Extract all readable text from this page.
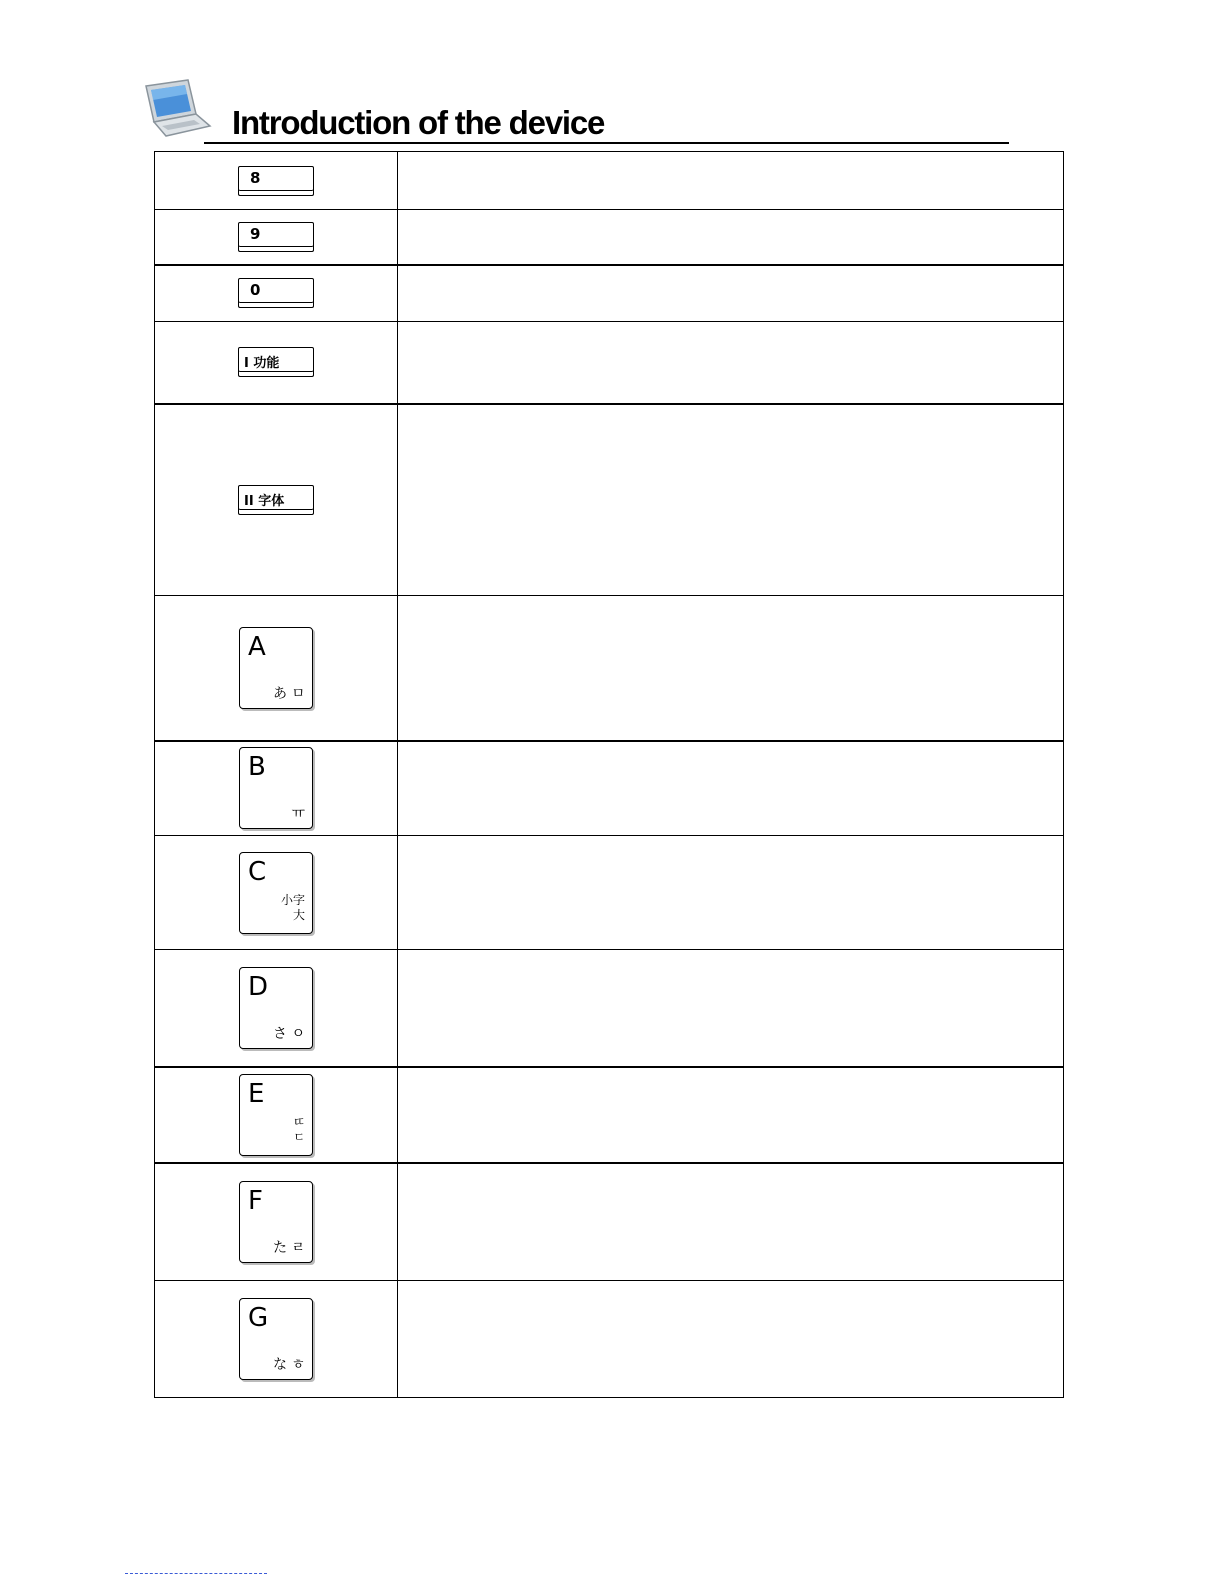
Introduction of the device
8	

9	

0	

I 功能	

II 字体	

A
あ ㅁ	

B
ㅠ	

C
小字
大	

D
さ ㅇ	

E
ㄸ
ㄷ	

F
た ㄹ	

G
な ㅎ	
